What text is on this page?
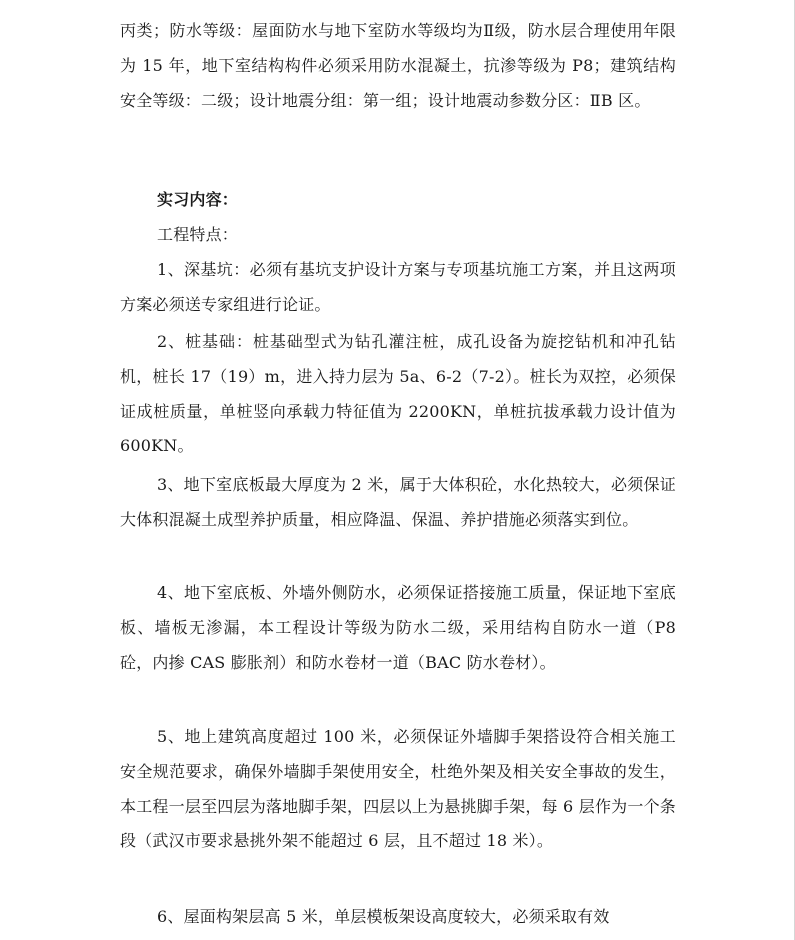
丙类；防水等级：屋面防水与地下室防水等级均为Ⅱ级，防水层合理使用年限为 15 年，地下室结构构件必须采用防水混凝土，抗渗等级为 P8；建筑结构安全等级：二级；设计地震分组：第一组；设计地震动参数分区：ⅡB 区。

实习内容：

工程特点：

1、深基坑：必须有基坑支护设计方案与专项基坑施工方案，并且这两项方案必须送专家组进行论证。

2、桩基础：桩基础型式为钻孔灌注桩，成孔设备为旋挖钻机和冲孔钻机，桩长 17（19）m，进入持力层为 5a、6-2（7-2）。桩长为双控，必须保证成桩质量，单桩竖向承载力特征值为 2200KN，单桩抗拔承载力设计值为 600KN。

3、地下室底板最大厚度为 2 米，属于大体积砼，水化热较大，必须保证大体积混凝土成型养护质量，相应降温、保温、养护措施必须落实到位。

4、地下室底板、外墙外侧防水，必须保证搭接施工质量，保证地下室底板、墙板无渗漏，本工程设计等级为防水二级，采用结构自防水一道（P8 砼，内掺 CAS 膨胀剂）和防水卷材一道（BAC 防水卷材）。

5、地上建筑高度超过 100 米，必须保证外墙脚手架搭设符合相关施工安全规范要求，确保外墙脚手架使用安全，杜绝外架及相关安全事故的发生，本工程一层至四层为落地脚手架，四层以上为悬挑脚手架，每 6 层作为一个条段（武汉市要求悬挑外架不能超过 6 层，且不超过 18 米）。

6、屋面构架层高 5 米，单层模板架设高度较大，必须采取有效
